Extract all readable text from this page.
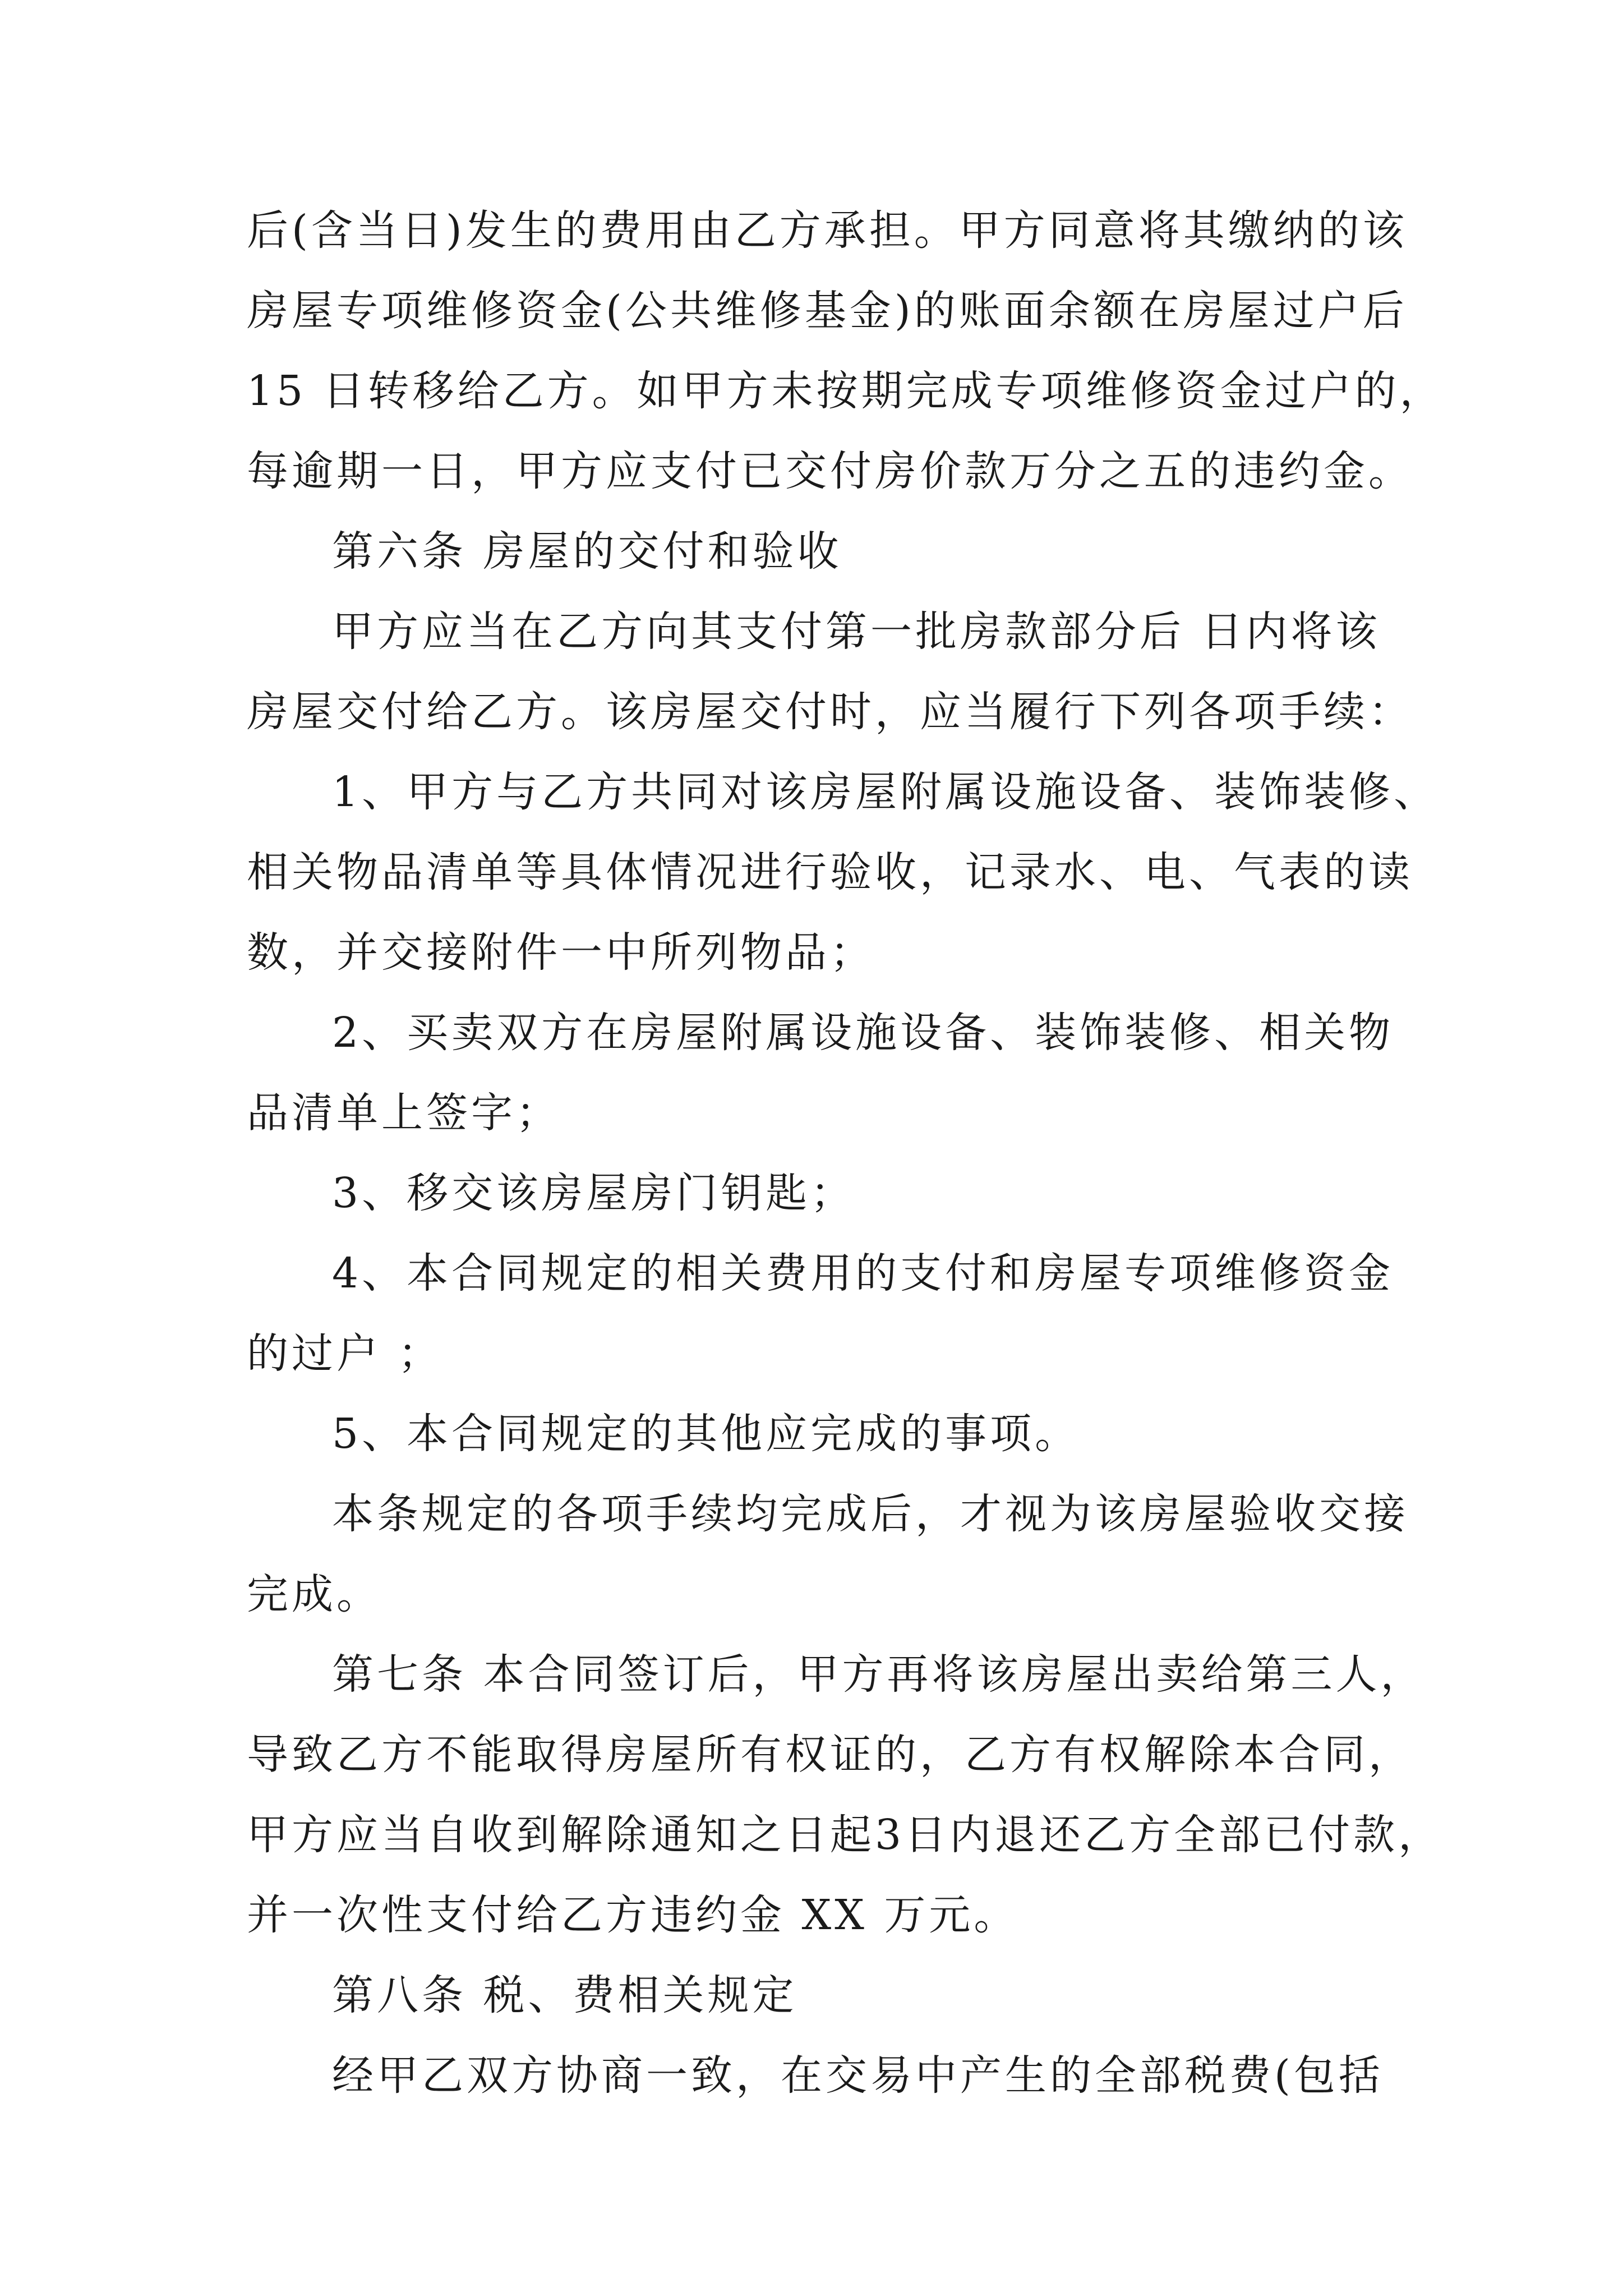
后(含当日)发生的费用由乙方承担。甲方同意将其缴纳的该

房屋专项维修资金(公共维修基金)的账面余额在房屋过户后

15 日转移给乙方。如甲方未按期完成专项维修资金过户的，

每逾期一日，甲方应支付已交付房价款万分之五的违约金。

第六条 房屋的交付和验收

甲方应当在乙方向其支付第一批房款部分后 日内将该

房屋交付给乙方。该房屋交付时，应当履行下列各项手续：

1、甲方与乙方共同对该房屋附属设施设备、装饰装修、

相关物品清单等具体情况进行验收，记录水、电、气表的读

数，并交接附件一中所列物品；

2、买卖双方在房屋附属设施设备、装饰装修、相关物

品清单上签字；

3、移交该房屋房门钥匙；

4、本合同规定的相关费用的支付和房屋专项维修资金

的过户 ；

5、本合同规定的其他应完成的事项。

本条规定的各项手续均完成后，才视为该房屋验收交接

完成。

第七条 本合同签订后，甲方再将该房屋出卖给第三人，

导致乙方不能取得房屋所有权证的，乙方有权解除本合同，

甲方应当自收到解除通知之日起3日内退还乙方全部已付款，

并一次性支付给乙方违约金 XX 万元。

第八条 税、费相关规定

经甲乙双方协商一致，在交易中产生的全部税费(包括
